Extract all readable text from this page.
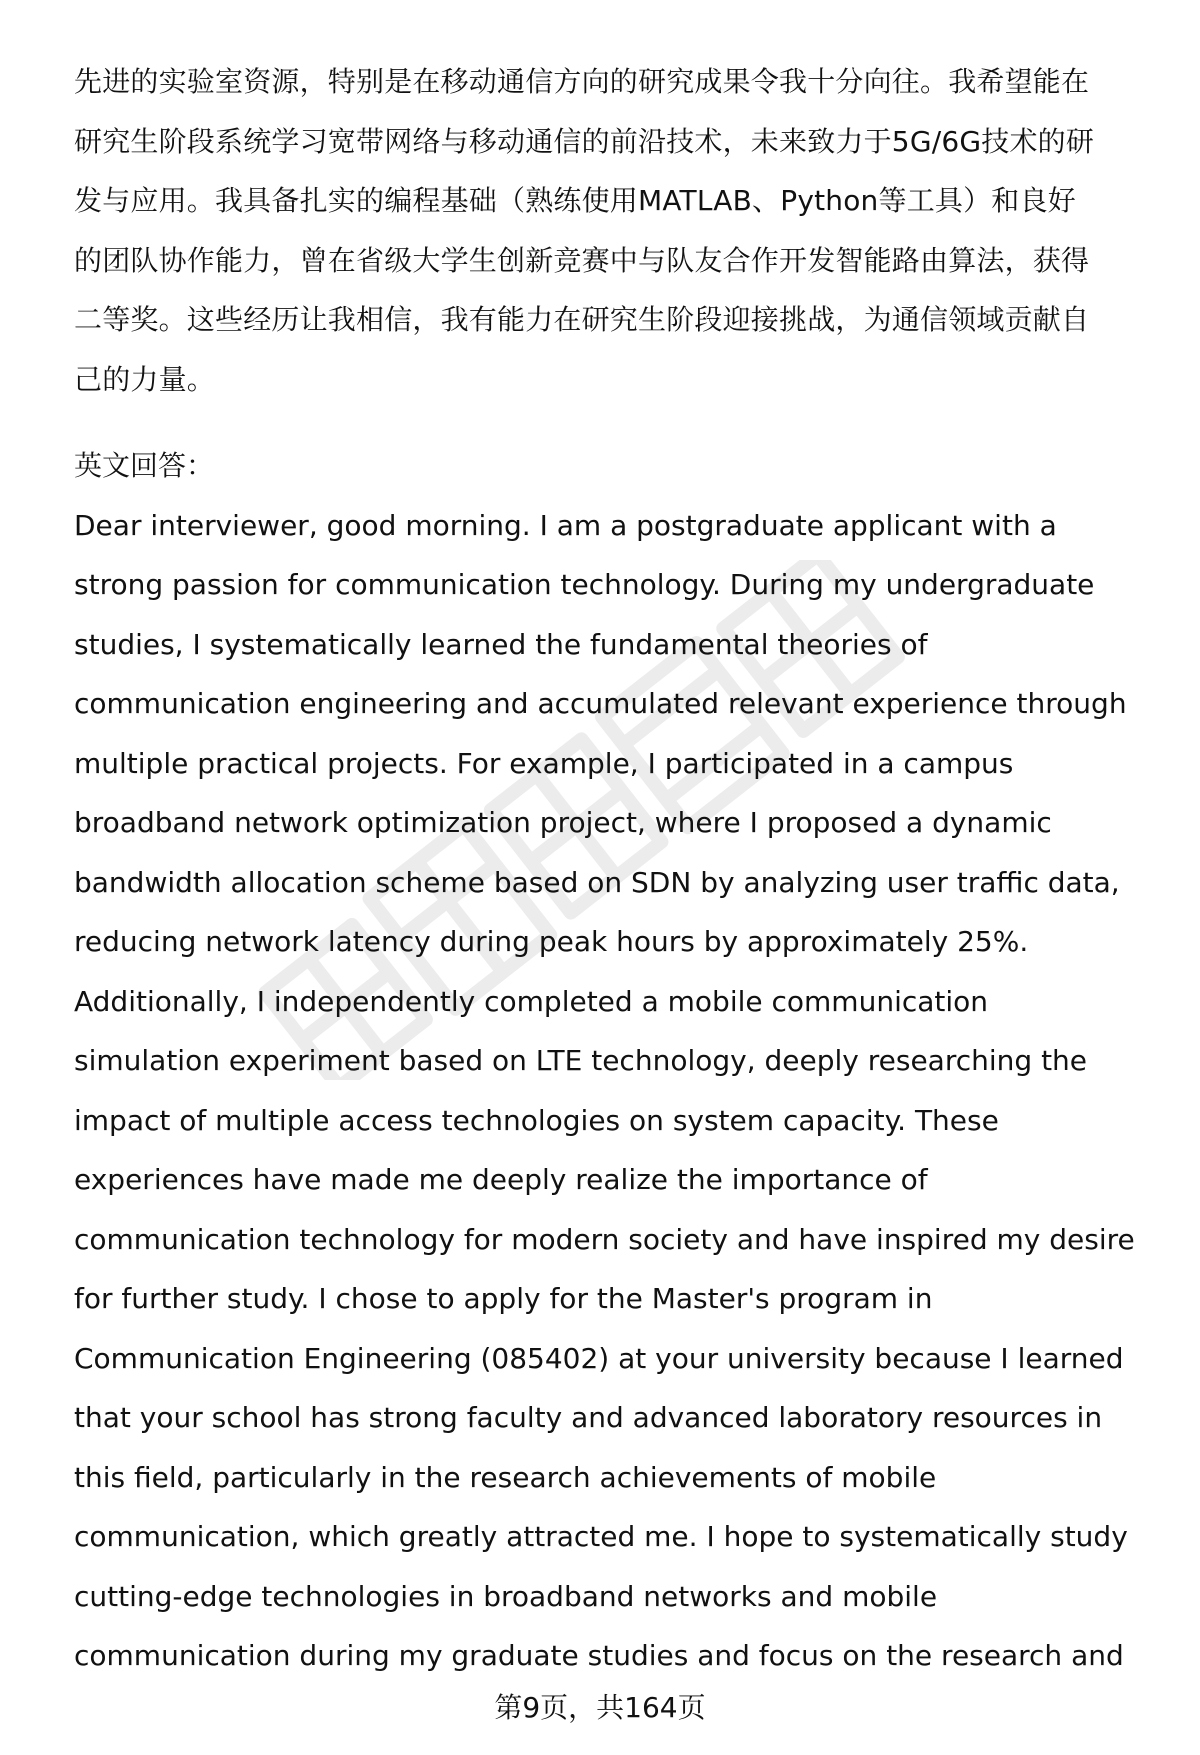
先进的实验室资源，特别是在移动通信方向的研究成果令我十分向往。我希望能在
研究生阶段系统学习宽带网络与移动通信的前沿技术，未来致力于5G/6G技术的研
发与应用。我具备扎实的编程基础（熟练使用MATLAB、Python等工具）和良好
的团队协作能力，曾在省级大学生创新竞赛中与队友合作开发智能路由算法，获得
二等奖。这些经历让我相信，我有能力在研究生阶段迎接挑战，为通信领域贡献自
己的力量。

英文回答：

Dear interviewer, good morning. I am a postgraduate applicant with a
strong passion for communication technology. During my undergraduate
studies, I systematically learned the fundamental theories of
communication engineering and accumulated relevant experience through
multiple practical projects. For example, I participated in a campus
broadband network optimization project, where I proposed a dynamic
bandwidth allocation scheme based on SDN by analyzing user traffic data,
reducing network latency during peak hours by approximately 25%.
Additionally, I independently completed a mobile communication
simulation experiment based on LTE technology, deeply researching the
impact of multiple access technologies on system capacity. These
experiences have made me deeply realize the importance of
communication technology for modern society and have inspired my desire
for further study. I chose to apply for the Master's program in
Communication Engineering (085402) at your university because I learned
that your school has strong faculty and advanced laboratory resources in
this field, particularly in the research achievements of mobile
communication, which greatly attracted me. I hope to systematically study
cutting-edge technologies in broadband networks and mobile
communication during my graduate studies and focus on the research and

第9页，共164页
